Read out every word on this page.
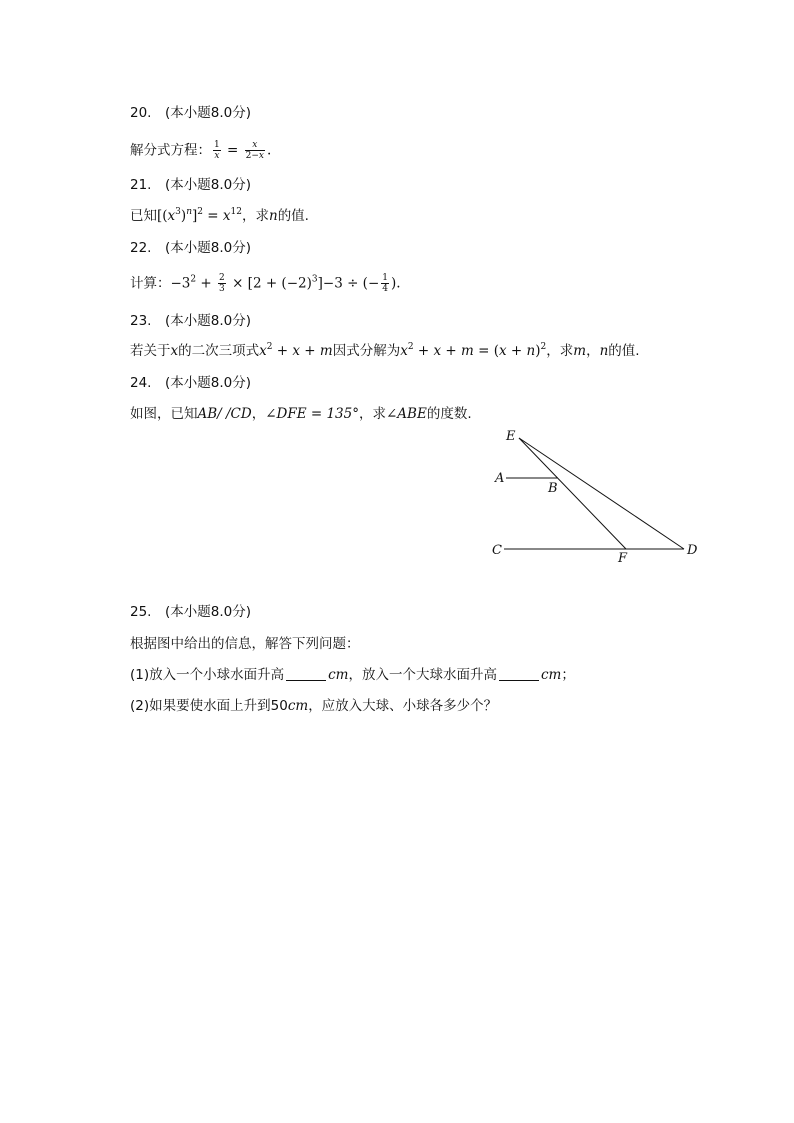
20.　(本小题8.0分)
解分式方程： $\frac{1}{x} = \frac{x}{2-x}$ .
21.　(本小题8.0分)
已知$[(x^3)^n]^2 = x^{12}$，求n的值.
22.　(本小题8.0分)
计算：$-3^2 + \frac{2}{3} \times [2 + (-2)^3]-3$ ÷ (− $\frac{1}{4}$ ).
23.　(本小题8.0分)
若关于x的二次三项式$x^2 + x + m$因式分解为$x^2 + x + m = (x + n)^2$，求m，n的值.
24.　(本小题8.0分)
如图，已知AB/ /CD，∠DFE = 135°，求∠ABE的度数.
E
A
B
C
F
D
25.　(本小题8.0分)
根据图中给出的信息，解答下列问题：
(1)放入一个小球水面升高	cm，放入一个大球水面升高	cm；
(2)如果要使水面上升到50cm，应放入大球、小球各多少个？
